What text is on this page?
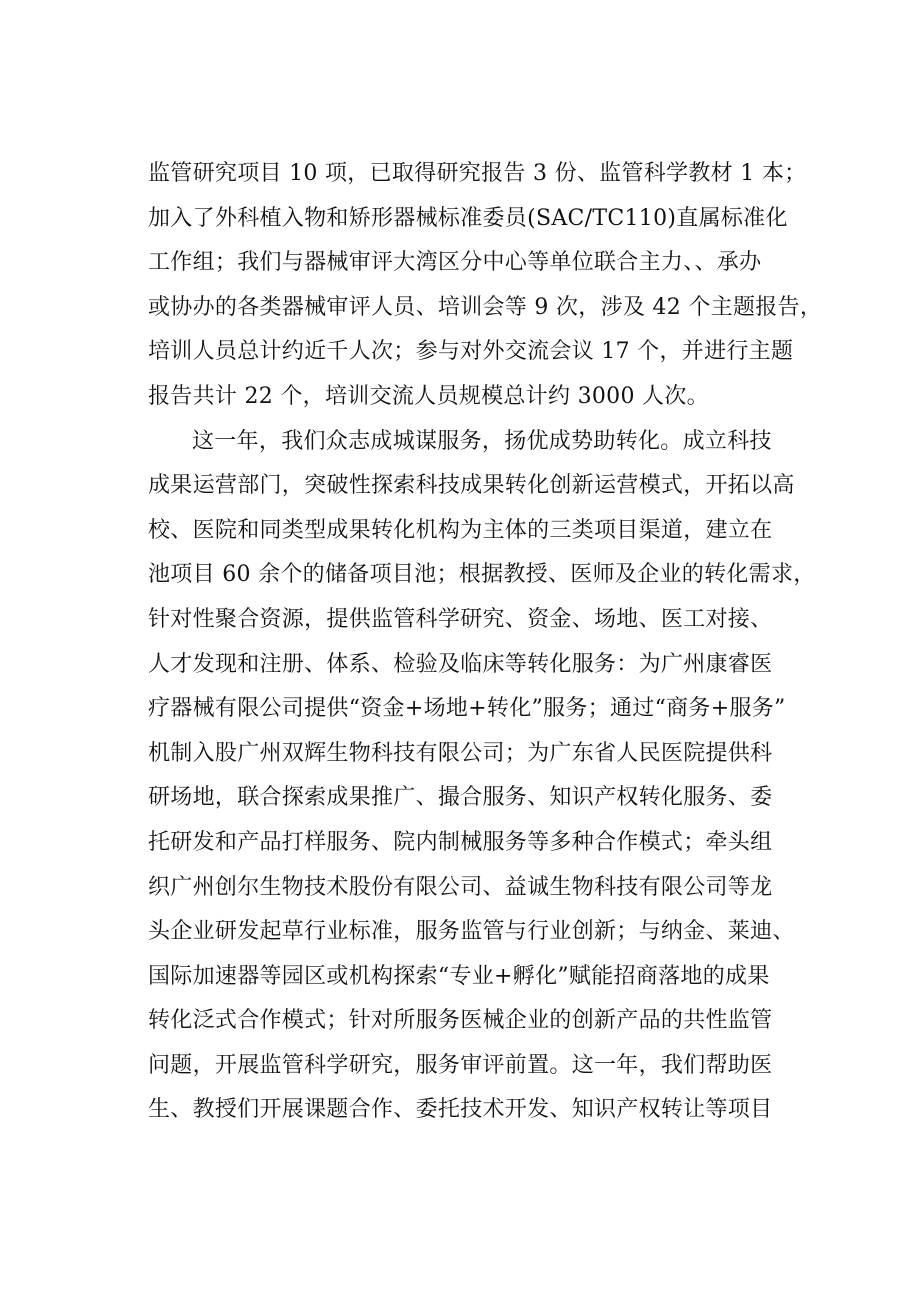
监管研究项目 10 项，已取得研究报告 3 份、监管科学教材 1 本；
加入了外科植入物和矫形器械标准委员(SAC/TC110)直属标准化
工作组；我们与器械审评大湾区分中心等单位联合主力、、承办
或协办的各类器械审评人员、培训会等 9 次，涉及 42 个主题报告，
培训人员总计约近千人次；参与对外交流会议 17 个，并进行主题
报告共计 22 个，培训交流人员规模总计约 3000 人次。
这一年，我们众志成城谋服务，扬优成势助转化。成立科技
成果运营部门，突破性探索科技成果转化创新运营模式，开拓以高
校、医院和同类型成果转化机构为主体的三类项目渠道，建立在
池项目 60 余个的储备项目池；根据教授、医师及企业的转化需求，
针对性聚合资源，提供监管科学研究、资金、场地、医工对接、
人才发现和注册、体系、检验及临床等转化服务：为广州康睿医
疗器械有限公司提供“资金+场地+转化”服务；通过“商务+服务”
机制入股广州双辉生物科技有限公司；为广东省人民医院提供科
研场地，联合探索成果推广、撮合服务、知识产权转化服务、委
托研发和产品打样服务、院内制械服务等多种合作模式；牵头组
织广州创尔生物技术股份有限公司、益诚生物科技有限公司等龙
头企业研发起草行业标准，服务监管与行业创新；与纳金、莱迪、
国际加速器等园区或机构探索“专业+孵化”赋能招商落地的成果
转化泛式合作模式；针对所服务医械企业的创新产品的共性监管
问题，开展监管科学研究，服务审评前置。这一年，我们帮助医
生、教授们开展课题合作、委托技术开发、知识产权转让等项目
